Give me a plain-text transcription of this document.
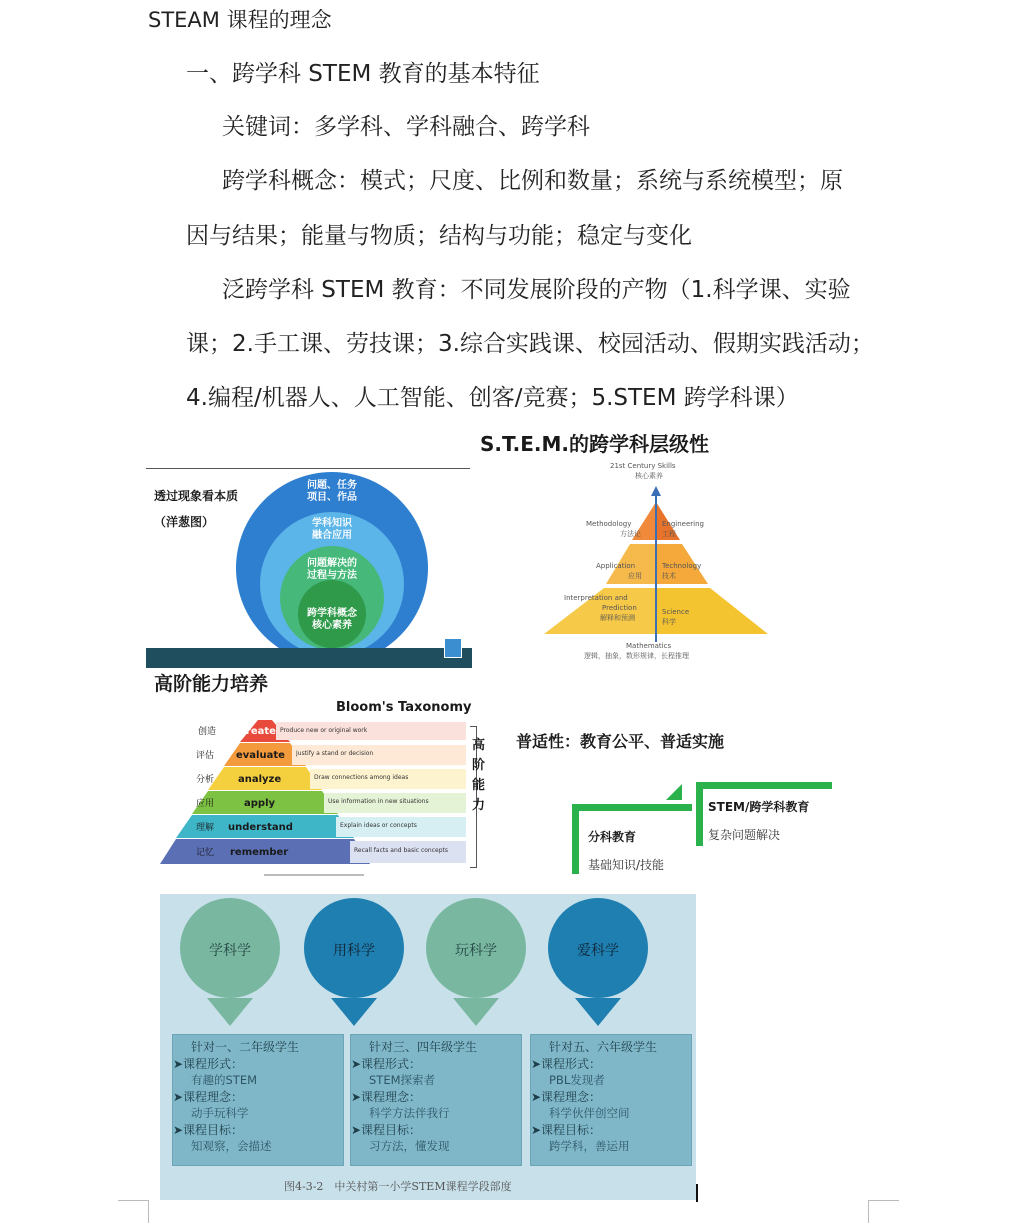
STEAM 课程的理念
一、跨学科 STEM 教育的基本特征
关键词：多学科、学科融合、跨学科
跨学科概念：模式；尺度、比例和数量；系统与系统模型；原
因与结果；能量与物质；结构与功能；稳定与变化
泛跨学科 STEM 教育：不同发展阶段的产物（1.科学课、实验
课；2.手工课、劳技课；3.综合实践课、校园活动、假期实践活动；
4.编程/机器人、人工智能、创客/竞赛；5.STEM 跨学科课）
透过现象看本质
（洋葱图）
问题、任务
项目、作品
学科知识
融合应用
问题解决的
过程与方法
跨学科概念
核心素养
S.T.E.M.的跨学科层级性
21st Century Skills
核心素养
Methodology
方法论
Engineering
工程
Application
应用
Technology
技术
Interpretation and
Prediction
解释和预测
Science
科学
Mathematics
逻辑，抽象，数形规律，长程推理
高阶能力培养
Bloom's Taxonomy
创造 create
评估 evaluate
分析 analyze
应用	apply
理解 understand
记忆 remember
Produce new or original work
Justify a stand or decision
Draw connections among ideas
Use information in new situations
Explain ideas or concepts
Recall facts and basic concepts
高
阶
能
力
普适性：教育公平、普适实施
STEM/跨学科教育
复杂问题解决
分科教育
基础知识/技能
学科学	用科学	玩科学	爱科学
针对一、二年级学生
➤课程形式：
有趣的STEM
➤课程理念：
动手玩科学
➤课程目标：
知观察，会描述
针对三、四年级学生
➤课程形式：
STEM探索者
➤课程理念：
科学方法伴我行
➤课程目标：
习方法，懂发现
针对五、六年级学生
➤课程形式：
PBL发现者
➤课程理念：
科学伙伴创空间
➤课程目标：
跨学科，善运用
图4-3-2　中关村第一小学STEM课程学段部度
